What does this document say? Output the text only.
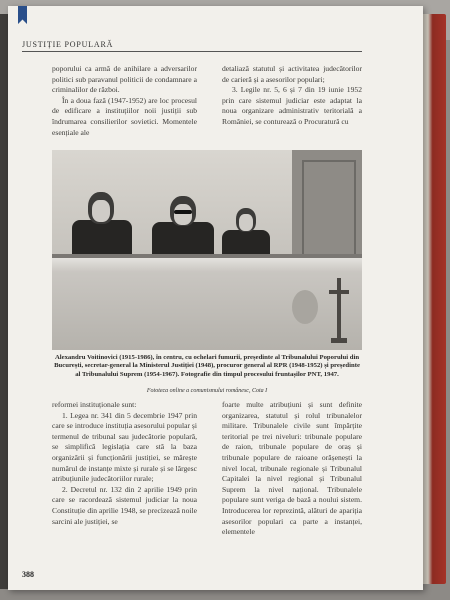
JUSTIȚIE POPULARĂ

poporului ca armă de anihilare a adversarilor politici sub paravanul politicii de condamnare a criminalilor de război.

În a doua fază (1947-1952) are loc procesul de edificare a instituțiilor noii justiții sub îndrumarea consilierilor sovietici. Momentele esențiale ale

detaliază statutul și activitatea judecătorilor de carieră și a asesorilor populari;

3. Legile nr. 5, 6 și 7 din 19 iunie 1952 prin care sistemul judiciar este adaptat la noua organizare administrativ teritorială a României, se conturează o Procuratură cu

Alexandru Voitinovici (1915-1986), în centru, cu ochelari fumurii, președinte al Tribunalului Poporului din București, secretar-general la Ministerul Justiției (1948), procuror general al RPR (1948-1952) și președinte al Tribunalului Suprem (1954-1967). Fotografie din timpul procesului fruntașilor PNT, 1947.
Fototeca online a comunismului românesc, Cota I

reformei instituționale sunt:

1. Legea nr. 341 din 5 decembrie 1947 prin care se introduce instituția asesorului popular și termenul de tribunal sau judecătorie populară, se simplifică legislația care stă la baza organizării și funcționării justiției, se mărește numărul de instanțe mixte și rurale și se lărgesc atribuțiunile judecătoriilor rurale;

2. Decretul nr. 132 din 2 aprilie 1949 prin care se racordează sistemul judiciar la noua Constituție din aprilie 1948, se precizează noile sarcini ale justiției, se

foarte multe atribuțiuni și sunt definite organizarea, statutul și rolul tribunalelor militare. Tribunalele civile sunt împărțite teritorial pe trei niveluri: tribunale populare de raion, tribunale populare de oraș și tribunale populare de raioane orășenești la nivel local, tribunale regionale și Tribunalul Capitalei la nivel regional și Tribunalul Suprem la nivel național. Tribunalele populare sunt veriga de bază a noului sistem. Introducerea lor reprezintă, alături de apariția asesorilor populari ca parte a instanței, elementele

388
